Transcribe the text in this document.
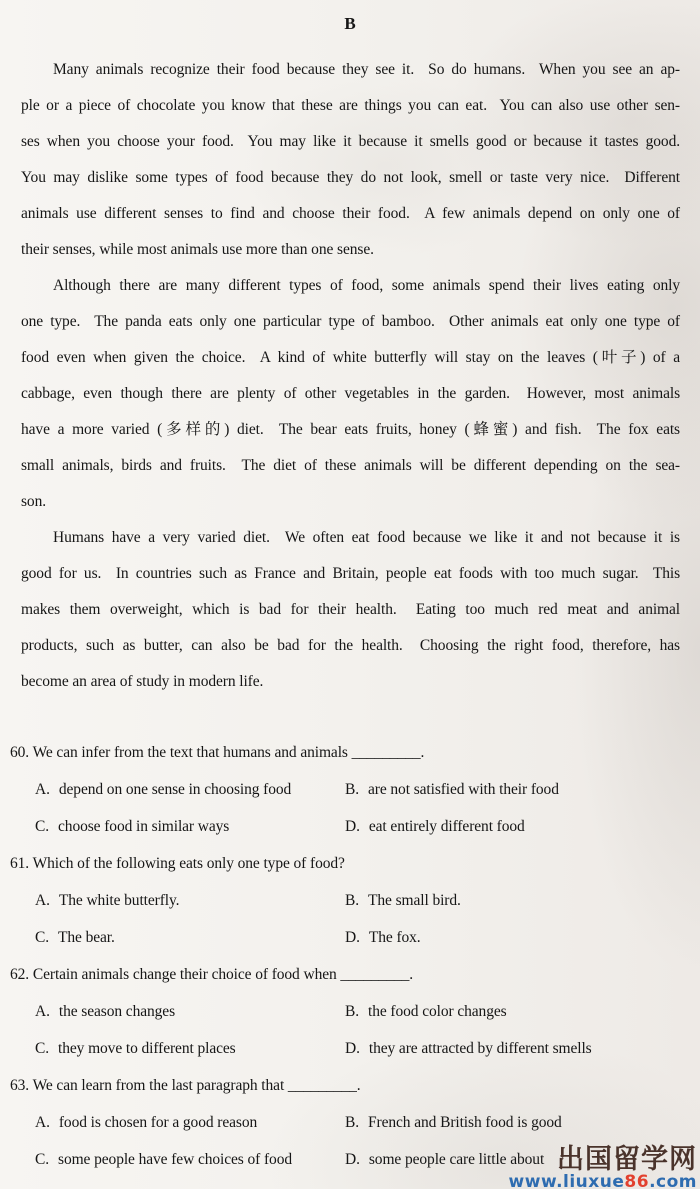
B
Many animals recognize their food because they see it.  So do humans.  When you see an ap-
ple or a piece of chocolate you know that these are things you can eat.  You can also use other sen-
ses when you choose your food.  You may like it because it smells good or because it tastes good.
You may dislike some types of food because they do not look, smell or taste very nice.  Different
animals use different senses to find and choose their food.  A few animals depend on only one of
their senses, while most animals use more than one sense.
Although there are many different types of food, some animals spend their lives eating only
one type.  The panda eats only one particular type of bamboo.  Other animals eat only one type of
food even when given the choice.  A kind of white butterfly will stay on the leaves (叶子) of a
cabbage, even though there are plenty of other vegetables in the garden.  However, most animals
have a more varied (多样的) diet.  The bear eats fruits, honey (蜂蜜) and fish.  The fox eats
small animals, birds and fruits.  The diet of these animals will be different depending on the sea-
son.
Humans have a very varied diet.  We often eat food because we like it and not because it is
good for us.  In countries such as France and Britain, people eat foods with too much sugar.  This
makes them overweight, which is bad for their health.  Eating too much red meat and animal
products, such as butter, can also be bad for the health.  Choosing the right food, therefore, has
become an area of study in modern life.
60. We can infer from the text that humans and animals _________.
A. depend on one sense in choosing food	B. are not satisfied with their food
C. choose food in similar ways	D. eat entirely different food
61. Which of the following eats only one type of food?
A. The white butterfly.	B. The small bird.
C. The bear.	D. The fox.
62. Certain animals change their choice of food when _________.
A. the season changes	B. the food color changes
C. they move to different places	D. they are attracted by different smells
63. We can learn from the last paragraph that _________.
A. food is chosen for a good reason	B. French and British food is good
C. some people have few choices of food	D. some people care little about 出国留学网
www.liuxue86.com
